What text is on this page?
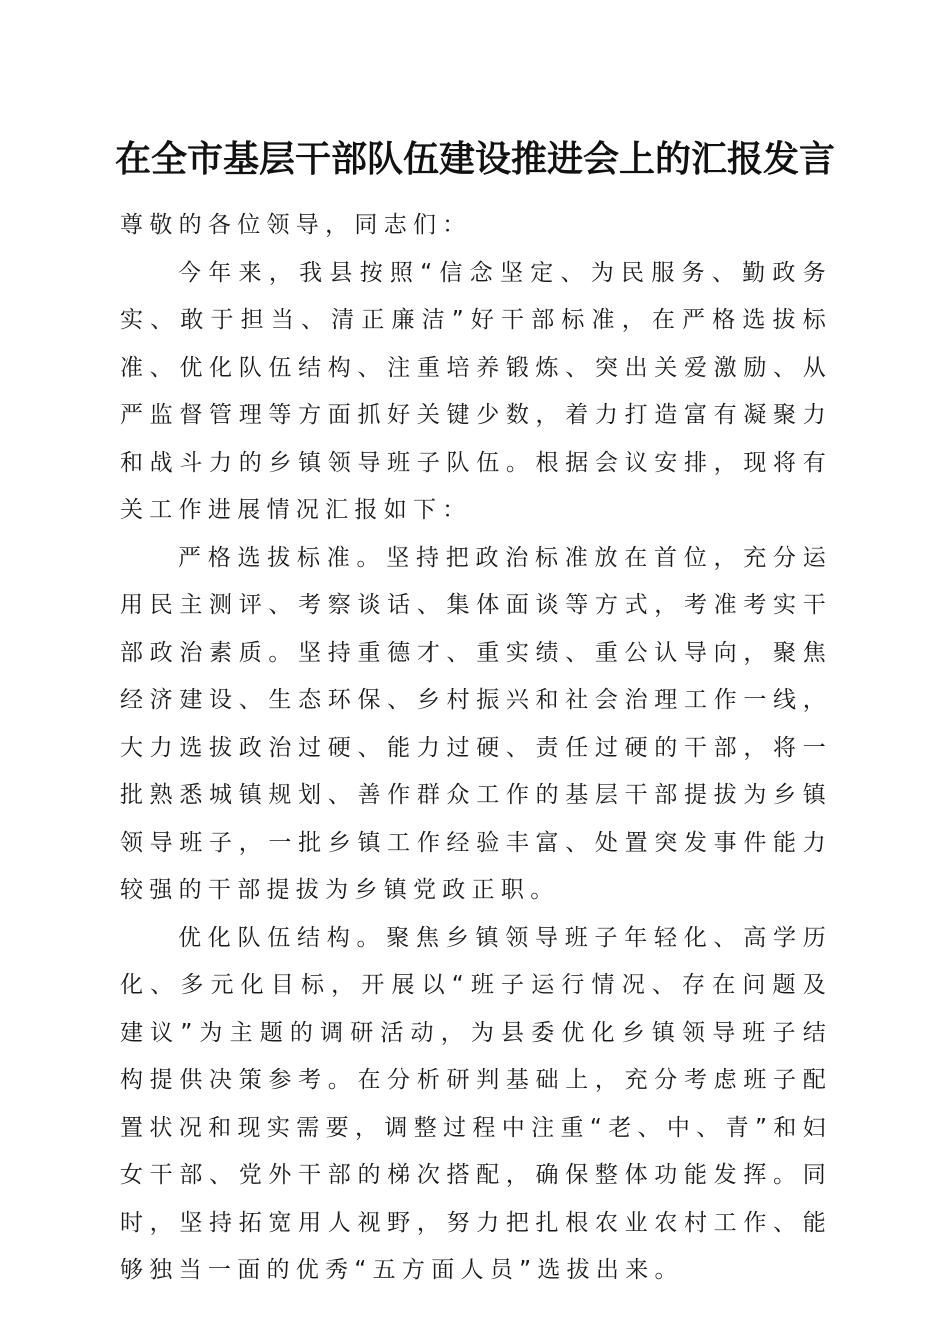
在全市基层干部队伍建设推进会上的汇报发言

尊敬的各位领导，同志们：

今年来，我县按照“信念坚定、为民服务、勤政务实、敢于担当、清正廉洁”好干部标准，在严格选拔标准、优化队伍结构、注重培养锻炼、突出关爱激励、从严监督管理等方面抓好关键少数，着力打造富有凝聚力和战斗力的乡镇领导班子队伍。根据会议安排，现将有关工作进展情况汇报如下：

严格选拔标准。坚持把政治标准放在首位，充分运用民主测评、考察谈话、集体面谈等方式，考准考实干部政治素质。坚持重德才、重实绩、重公认导向，聚焦经济建设、生态环保、乡村振兴和社会治理工作一线，大力选拔政治过硬、能力过硬、责任过硬的干部，将一批熟悉城镇规划、善作群众工作的基层干部提拔为乡镇领导班子，一批乡镇工作经验丰富、处置突发事件能力较强的干部提拔为乡镇党政正职。

优化队伍结构。聚焦乡镇领导班子年轻化、高学历化、多元化目标，开展以“班子运行情况、存在问题及建议”为主题的调研活动，为县委优化乡镇领导班子结构提供决策参考。在分析研判基础上，充分考虑班子配置状况和现实需要，调整过程中注重“老、中、青”和妇女干部、党外干部的梯次搭配，确保整体功能发挥。同时，坚持拓宽用人视野，努力把扎根农业农村工作、能够独当一面的优秀“五方面人员”选拔出来。
